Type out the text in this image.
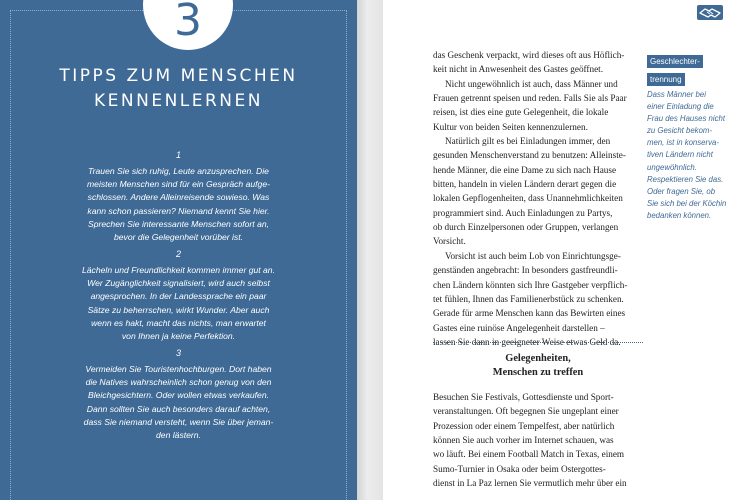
3
TIPPS ZUM MENSCHEN
KENNENLERNEN
1

Trauen Sie sich ruhig, Leute anzusprechen. Die
meisten Menschen sind für ein Gespräch aufge-
schlossen. Andere Alleinreisende sowieso. Was
kann schon passieren? Niemand kennt Sie hier.
Sprechen Sie interessante Menschen sofort an,
bevor die Gelegenheit vorüber ist.

2

Lächeln und Freundlichkeit kommen immer gut an.
Wer Zugänglichkeit signalisiert, wird auch selbst
angesprochen. In der Landessprache ein paar
Sätze zu beherrschen, wirkt Wunder. Aber auch
wenn es hakt, macht das nichts, man erwartet
von Ihnen ja keine Perfektion.

3

Vermeiden Sie Touristenhochburgen. Dort haben
die Natives wahrscheinlich schon genug von den
Bleichgesichtern. Oder wollen etwas verkaufen.
Dann sollten Sie auch besonders darauf achten,
dass Sie niemand versteht, wenn Sie über jeman-
den lästern.

das Geschenk verpackt, wird dieses oft aus Höflich-
keit nicht in Anwesenheit des Gastes geöffnet.

Nicht ungewöhnlich ist auch, dass Männer und
Frauen getrennt speisen und reden. Falls Sie als Paar
reisen, ist dies eine gute Gelegenheit, die lokale
Kultur von beiden Seiten kennenzulernen.

Natürlich gilt es bei Einladungen immer, den
gesunden Menschenverstand zu benutzen: Alleinste-
hende Männer, die eine Dame zu sich nach Hause
bitten, handeln in vielen Ländern derart gegen die
lokalen Gepflogenheiten, dass Unannehmlichkeiten
programmiert sind. Auch Einladungen zu Partys,
ob durch Einzelpersonen oder Gruppen, verlangen
Vorsicht.

Vorsicht ist auch beim Lob von Einrichtungsge-
genständen angebracht: In besonders gastfreundli-
chen Ländern könnten sich Ihre Gastgeber verpflich-
tet fühlen, Ihnen das Familienerbstück zu schenken.
Gerade für arme Menschen kann das Bewirten eines
Gastes eine ruinöse Angelegenheit darstellen –
lassen Sie dann in geeigneter Weise etwas Geld da.

Geschlechter-
trennung

Dass Männer bei
einer Einladung die
Frau des Hauses nicht
zu Gesicht bekom-
men, ist in konserva-
tiven Ländern nicht
ungewöhnlich.
Respektieren Sie das.
Oder fragen Sie, ob
Sie sich bei der Köchin
bedanken können.

Gelegenheiten,
Menschen zu treffen

Besuchen Sie Festivals, Gottesdienste und Sport-
veranstaltungen. Oft begegnen Sie ungeplant einer
Prozession oder einem Tempelfest, aber natürlich
können Sie auch vorher im Internet schauen, was
wo läuft. Bei einem Football Match in Texas, einem
Sumo-Turnier in Osaka oder beim Ostergottes-
dienst in La Paz lernen Sie vermutlich mehr über ein
